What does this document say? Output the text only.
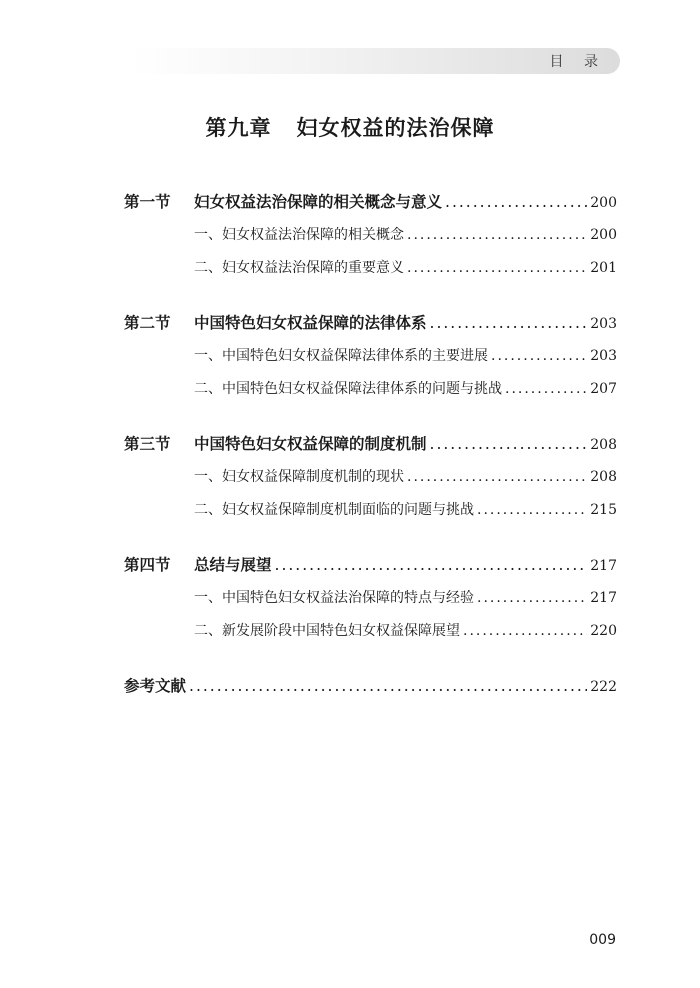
目 录
第九章   妇女权益的法治保障
第一节	妇女权益法治保障的相关概念与意义 .....	200
一、妇女权益法治保障的相关概念 .....	200
二、妇女权益法治保障的重要意义 .....	201
第二节	中国特色妇女权益保障的法律体系 .....	203
一、中国特色妇女权益保障法律体系的主要进展 .....	203
二、中国特色妇女权益保障法律体系的问题与挑战 .....	207
第三节	中国特色妇女权益保障的制度机制 .....	208
一、妇女权益保障制度机制的现状 .....	208
二、妇女权益保障制度机制面临的问题与挑战 .....	215
第四节	总结与展望 .....	217
一、中国特色妇女权益法治保障的特点与经验 .....	217
二、新发展阶段中国特色妇女权益保障展望 .....	220
参考文献 .....	222
009
